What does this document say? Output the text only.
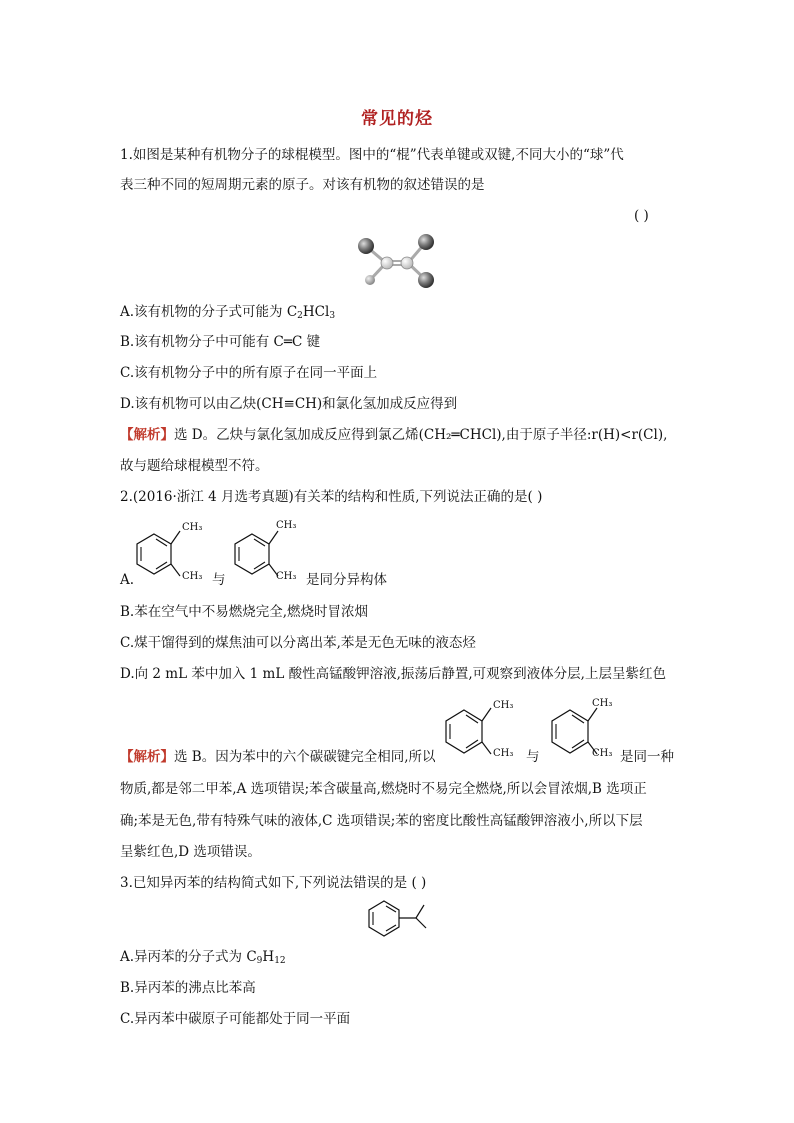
常见的烃
1.如图是某种有机物分子的球棍模型。图中的“棍”代表单键或双键,不同大小的“球”代
表三种不同的短周期元素的原子。对该有机物的叙述错误的是
( )
A.该有机物的分子式可能为 $C_2HCl_3$
B.该有机物分子中可能有 C═C 键
C.该有机物分子中的所有原子在同一平面上
D.该有机物可以由乙炔(CH≡CH)和氯化氢加成反应得到
【解析】选 D。乙炔与氯化氢加成反应得到氯乙烯(CH₂═CHCl),由于原子半径:r(H)<r(Cl),
故与题给球棍模型不符。
2.(2016·浙江 4 月选考真题)有关苯的结构和性质,下列说法正确的是( )
A.
CH₃
CH₃ 与
CH₃
CH₃ 是同分异构体
B.苯在空气中不易燃烧完全,燃烧时冒浓烟
C.煤干馏得到的煤焦油可以分离出苯,苯是无色无味的液态烃
D.向 2 mL 苯中加入 1 mL 酸性高锰酸钾溶液,振荡后静置,可观察到液体分层,上层呈紫红色
【解析】选 B。因为苯中的六个碳碳键完全相同,所以
CH₃
CH₃ 与
CH₃
CH₃ 是同一种
物质,都是邻二甲苯,A 选项错误;苯含碳量高,燃烧时不易完全燃烧,所以会冒浓烟,B 选项正
确;苯是无色,带有特殊气味的液体,C 选项错误;苯的密度比酸性高锰酸钾溶液小,所以下层
呈紫红色,D 选项错误。
3.已知异丙苯的结构简式如下,下列说法错误的是 ( )
A.异丙苯的分子式为 $C_9H_{12}$
B.异丙苯的沸点比苯高
C.异丙苯中碳原子可能都处于同一平面
